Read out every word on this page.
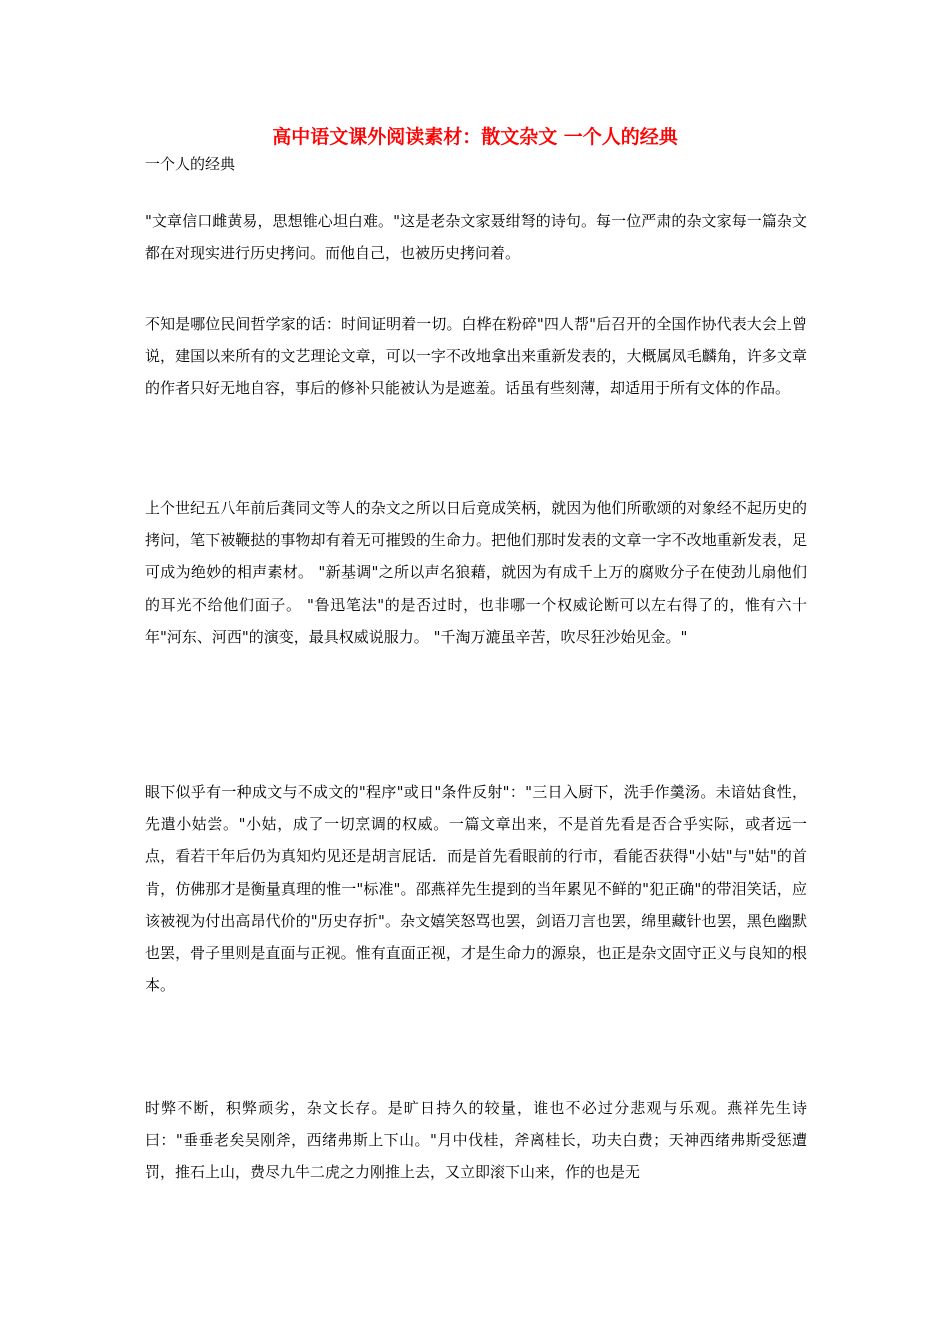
高中语文课外阅读素材：散文杂文 一个人的经典
一个人的经典

"文章信口雌黄易，思想锥心坦白难。"这是老杂文家聂绀弩的诗句。每一位严肃的杂文家每一篇杂文都在对现实进行历史拷问。而他自己，也被历史拷问着。

不知是哪位民间哲学家的话：时间证明着一切。白桦在粉碎"四人帮"后召开的全国作协代表大会上曾说，建国以来所有的文艺理论文章，可以一字不改地拿出来重新发表的，大概属凤毛麟角，许多文章的作者只好无地自容，事后的修补只能被认为是遮羞。话虽有些刻薄，却适用于所有文体的作品。

上个世纪五八年前后龚同文等人的杂文之所以日后竟成笑柄，就因为他们所歌颂的对象经不起历史的拷问，笔下被鞭挞的事物却有着无可摧毁的生命力。把他们那时发表的文章一字不改地重新发表，足可成为绝妙的相声素材。 "新基调"之所以声名狼藉，就因为有成千上万的腐败分子在使劲儿扇他们的耳光不给他们面子。 "鲁迅笔法"的是否过时，也非哪一个权威论断可以左右得了的，惟有六十年"河东、河西"的演变，最具权威说服力。 "千淘万漉虽辛苦，吹尽狂沙始见金。"

眼下似乎有一种成文与不成文的"程序"或日"条件反射"："三日入厨下，洗手作羹汤。未谙姑食性，先遣小姑尝。"小姑，成了一切烹调的权威。一篇文章出来，不是首先看是否合乎实际，或者远一点，看若干年后仍为真知灼见还是胡言屁话．而是首先看眼前的行市，看能否获得"小姑"与"姑"的首肯，仿佛那才是衡量真理的惟一"标准"。邵燕祥先生提到的当年累见不鲜的"犯正确"的带泪笑话，应该被视为付出高昂代价的"历史存折"。杂文嬉笑怒骂也罢，剑语刀言也罢，绵里藏针也罢，黑色幽默也罢，骨子里则是直面与正视。惟有直面正视，才是生命力的源泉，也正是杂文固守正义与良知的根本。

时弊不断，积弊顽劣，杂文长存。是旷日持久的较量，谁也不必过分悲观与乐观。燕祥先生诗曰："垂垂老矣吴刚斧，西绪弗斯上下山。"月中伐桂，斧离桂长，功夫白费；天神西绪弗斯受惩遭罚，推石上山，费尽九牛二虎之力刚推上去，又立即滚下山来，作的也是无
